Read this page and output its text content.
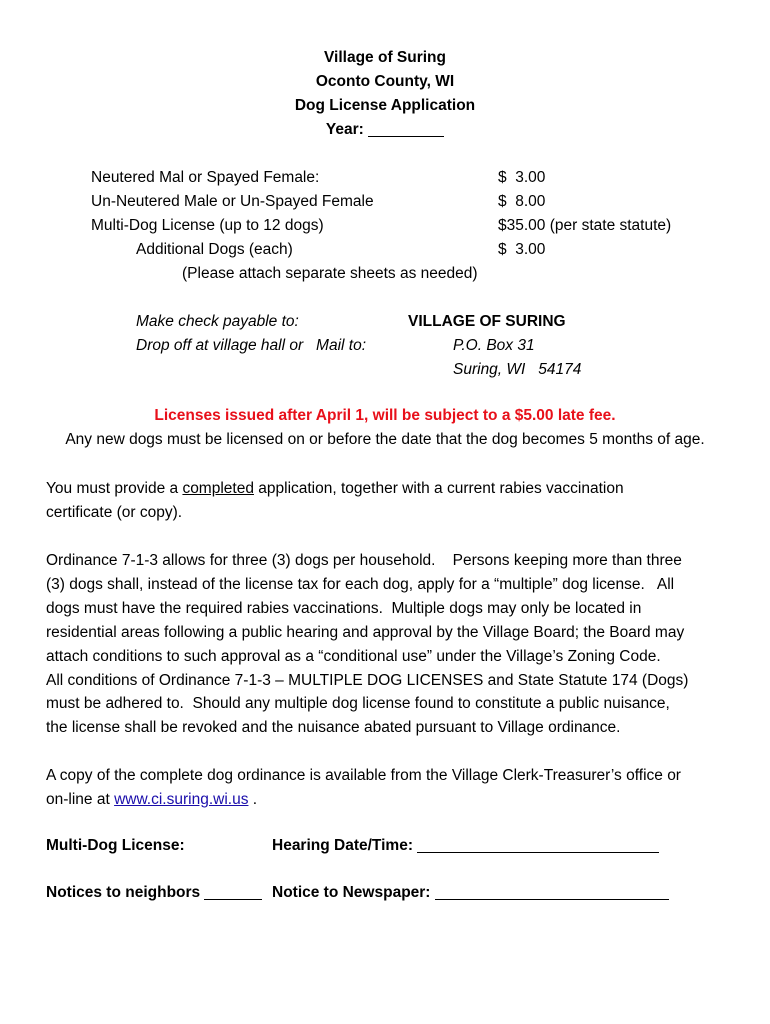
Village of Suring
Oconto County, WI
Dog License Application
Year:
Neutered Mal or Spayed Female:	$  3.00
Un-Neutered Male or Un-Spayed Female	$  8.00
Multi-Dog License (up to 12 dogs)	$35.00 (per state statute)
Additional Dogs (each)	$  3.00
(Please attach separate sheets as needed)
Make check payable to:	VILLAGE OF SURING
Drop off at village hall or   Mail to:	P.O. Box 31
Suring, WI   54174
Licenses issued after April 1, will be subject to a $5.00 late fee.
Any new dogs must be licensed on or before the date that the dog becomes 5 months of age.
You must provide a completed application, together with a current rabies vaccination
certificate (or copy).
Ordinance 7-1-3 allows for three (3) dogs per household.    Persons keeping more than three
(3) dogs shall, instead of the license tax for each dog, apply for a “multiple” dog license.   All
dogs must have the required rabies vaccinations.  Multiple dogs may only be located in
residential areas following a public hearing and approval by the Village Board; the Board may
attach conditions to such approval as a “conditional use” under the Village’s Zoning Code.
All conditions of Ordinance 7-1-3 – MULTIPLE DOG LICENSES and State Statute 174 (Dogs)
must be adhered to.  Should any multiple dog license found to constitute a public nuisance,
the license shall be revoked and the nuisance abated pursuant to Village ordinance.
A copy of the complete dog ordinance is available from the Village Clerk-Treasurer’s office or
on-line at www.ci.suring.wi.us .
Multi-Dog License:	Hearing Date/Time:
Notices to neighbors	Notice to Newspaper:
